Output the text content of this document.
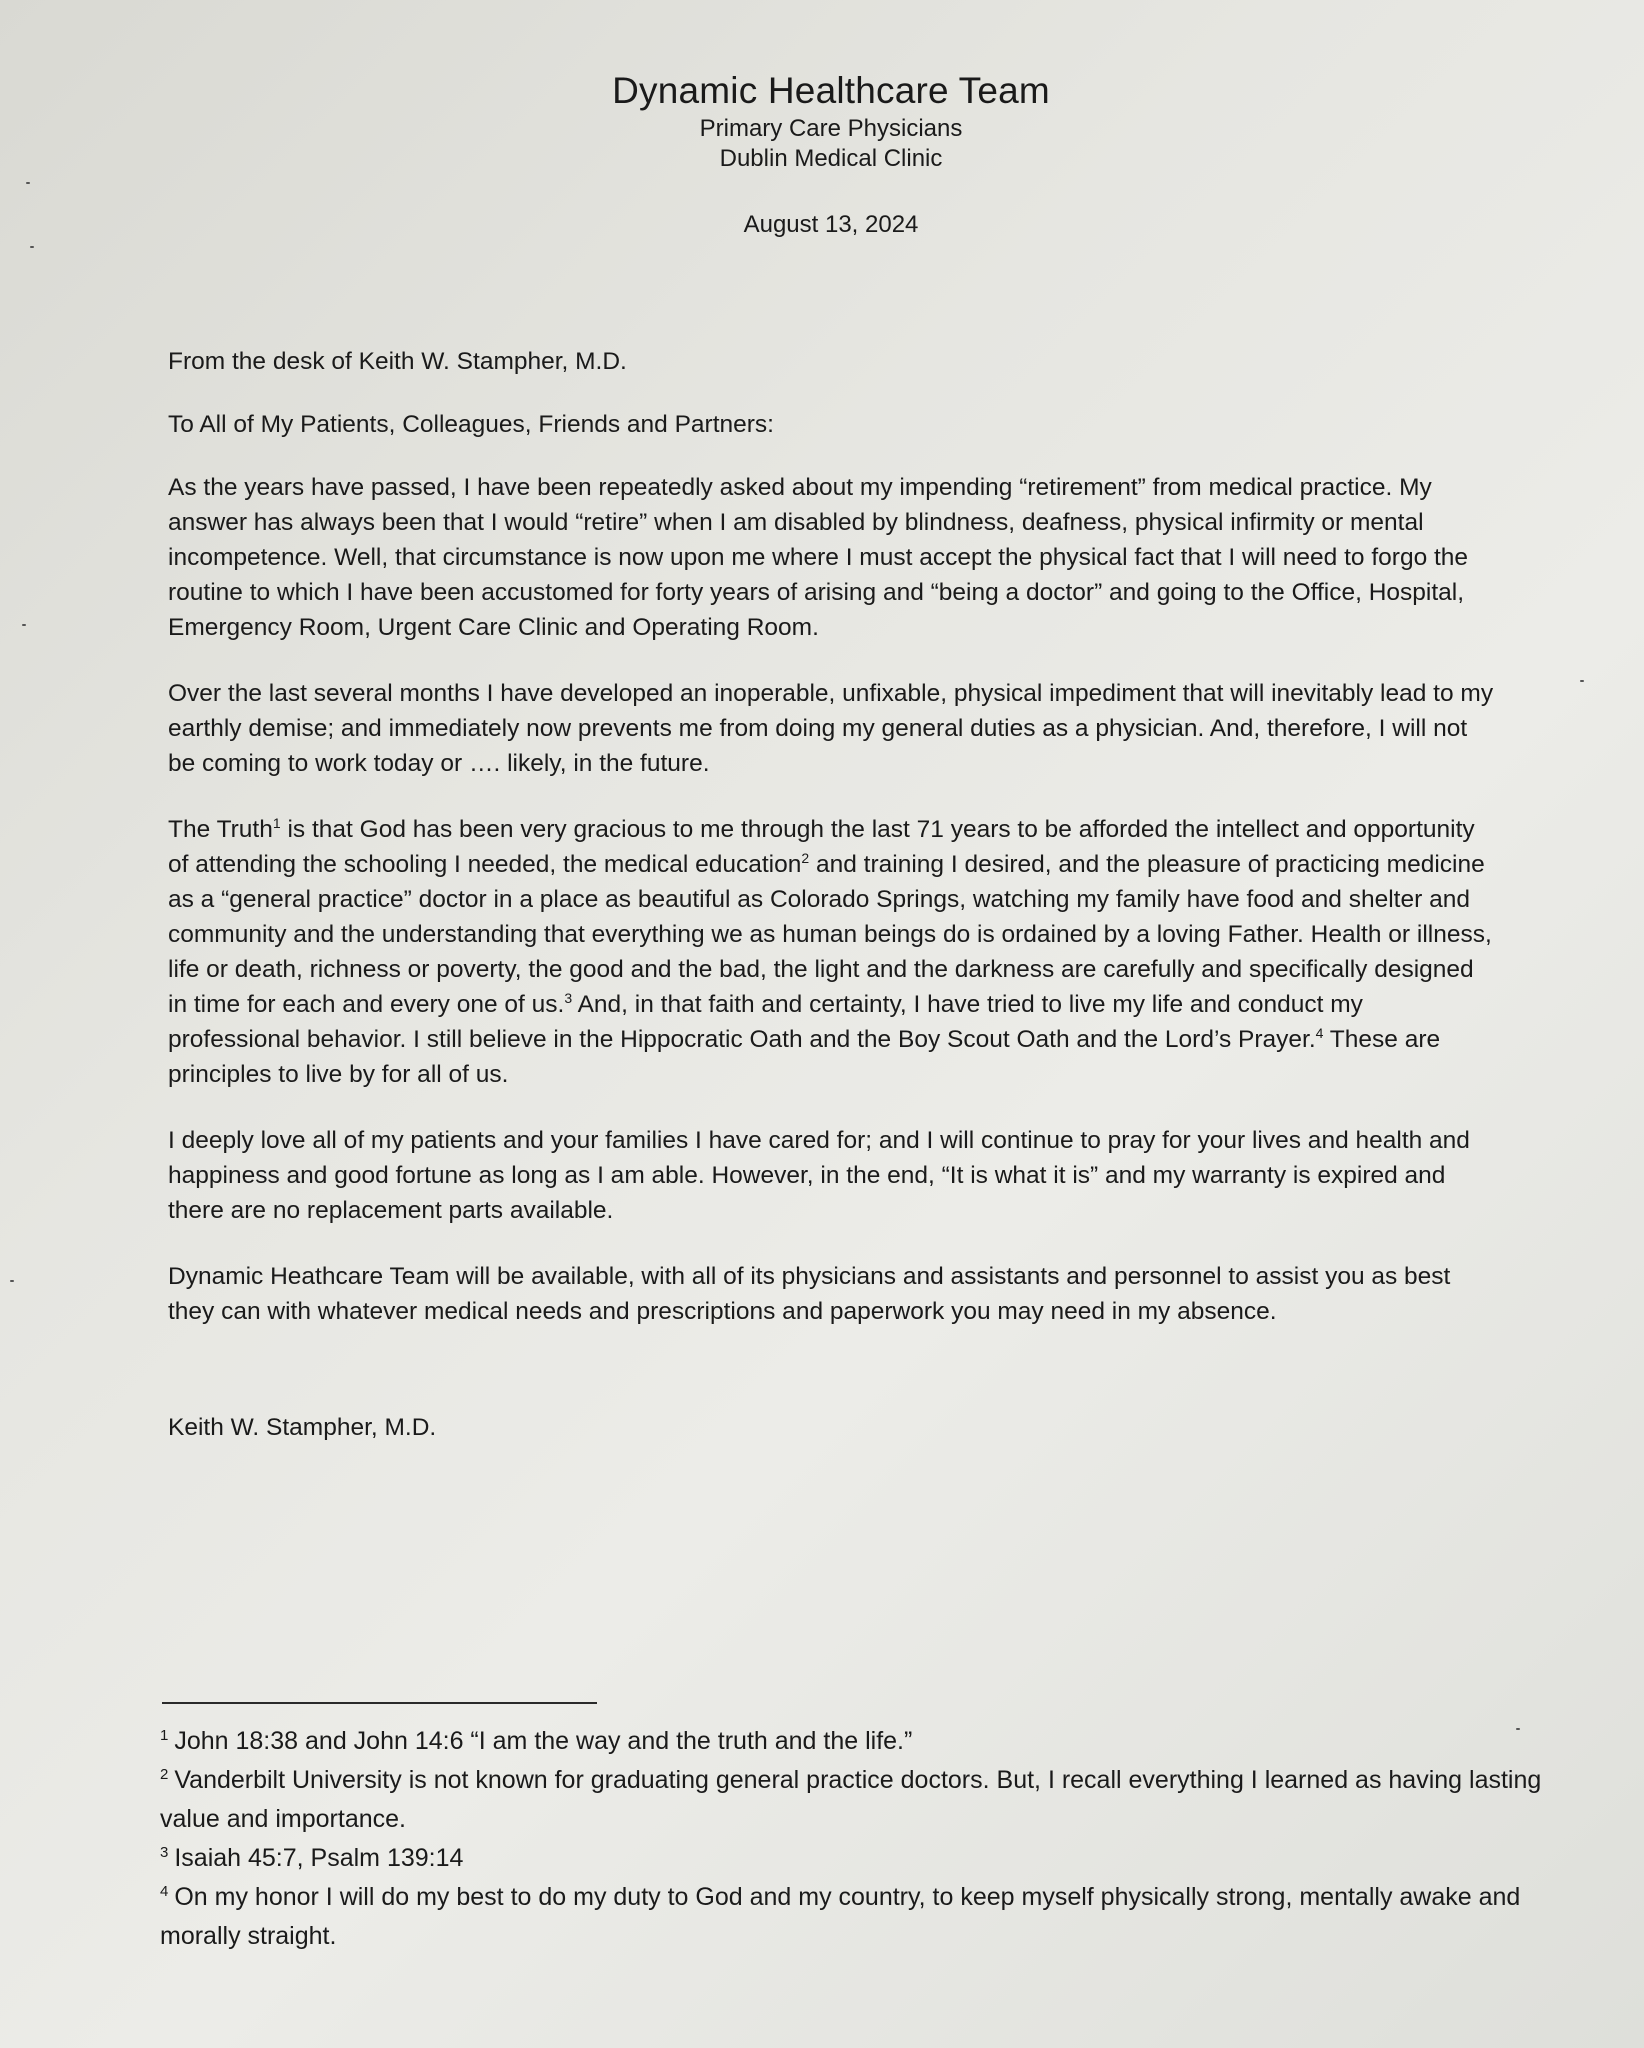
Dynamic Healthcare Team
Primary Care Physicians
Dublin Medical Clinic
August 13, 2024

From the desk of Keith W. Stampher, M.D.

To All of My Patients, Colleagues, Friends and Partners:

As the years have passed, I have been repeatedly asked about my impending “retirement” from medical practice. My answer has always been that I would “retire” when I am disabled by blindness, deafness, physical infirmity or mental incompetence. Well, that circumstance is now upon me where I must accept the physical fact that I will need to forgo the routine to which I have been accustomed for forty years of arising and “being a doctor” and going to the Office, Hospital, Emergency Room, Urgent Care Clinic and Operating Room.

Over the last several months I have developed an inoperable, unfixable, physical impediment that will inevitably lead to my earthly demise; and immediately now prevents me from doing my general duties as a physician. And, therefore, I will not be coming to work today or …. likely, in the future.

The Truth$^1$ is that God has been very gracious to me through the last 71 years to be afforded the intellect and opportunity of attending the schooling I needed, the medical education$^2$ and training I desired, and the pleasure of practicing medicine as a “general practice” doctor in a place as beautiful as Colorado Springs, watching my family have food and shelter and community and the understanding that everything we as human beings do is ordained by a loving Father. Health or illness, life or death, richness or poverty, the good and the bad, the light and the darkness are carefully and specifically designed in time for each and every one of us.$^3$ And, in that faith and certainty, I have tried to live my life and conduct my professional behavior. I still believe in the Hippocratic Oath and the Boy Scout Oath and the Lord’s Prayer.$^4$ These are principles to live by for all of us.

I deeply love all of my patients and your families I have cared for; and I will continue to pray for your lives and health and happiness and good fortune as long as I am able. However, in the end, “It is what it is” and my warranty is expired and there are no replacement parts available.

Dynamic Heathcare Team will be available, with all of its physicians and assistants and personnel to assist you as best they can with whatever medical needs and prescriptions and paperwork you may need in my absence.

Keith W. Stampher, M.D.

$^1$ John 18:38 and John 14:6 “I am the way and the truth and the life.”

$^2$ Vanderbilt University is not known for graduating general practice doctors. But, I recall everything I learned as having lasting value and importance.

$^3$ Isaiah 45:7, Psalm 139:14

$^4$ On my honor I will do my best to do my duty to God and my country, to keep myself physically strong, mentally awake and morally straight.
